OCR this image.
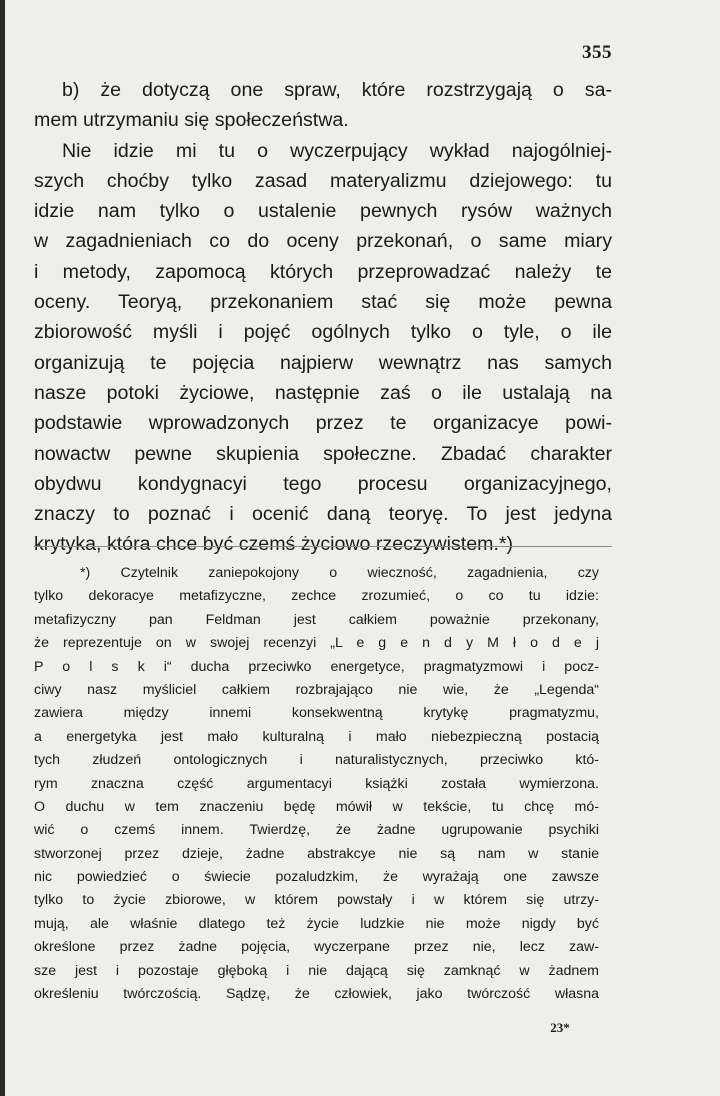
355
b) że dotyczą one spraw, które rozstrzygają o sa-
mem utrzymaniu się społeczeństwa.
Nie idzie mi tu o wyczerpujący wykład najogólniej-
szych choćby tylko zasad materyalizmu dziejowego: tu
idzie nam tylko o ustalenie pewnych rysów ważnych
w zagadnieniach co do oceny przekonań, o same miary
i metody, zapomocą których przeprowadzać należy te
oceny. Teoryą, przekonaniem stać się może pewna
zbiorowość myśli i pojęć ogólnych tylko o tyle, o ile
organizują te pojęcia najpierw wewnątrz nas samych
nasze potoki życiowe, następnie zaś o ile ustalają na
podstawie wprowadzonych przez te organizacye powi-
nowactw pewne skupienia społeczne. Zbadać charakter
obydwu kondygnacyi tego procesu organizacyjnego,
znaczy to poznać i ocenić daną teoryę. To jest jedyna
krytyka, która chce być czemś życiowo rzeczywistem.*)
*) Czytelnik zaniepokojony o wieczność, zagadnienia, czy
tylko dekoracye metafizyczne, zechce zrozumieć, o co tu idzie:
metafizyczny pan Feldman jest całkiem poważnie przekonany,
że reprezentuje on w swojej recenzyi „L e g e n d y M ł o d e j
P o l s k i“ ducha przeciwko energetyce, pragmatyzmowi i pocz-
ciwy nasz myśliciel całkiem rozbrajająco nie wie, że „Legenda“
zawiera między innemi konsekwentną krytykę pragmatyzmu,
a energetyka jest mało kulturalną i mało niebezpieczną postacią
tych złudzeń ontologicznych i naturalistycznych, przeciwko któ-
rym znaczna część argumentacyi książki została wymierzona.
O duchu w tem znaczeniu będę mówił w tekście, tu chcę mó-
wić o czemś innem. Twierdzę, że żadne ugrupowanie psychiki
stworzonej przez dzieje, żadne abstrakcye nie są nam w stanie
nic powiedzieć o świecie pozaludzkim, że wyrażają one zawsze
tylko to życie zbiorowe, w którem powstały i w którem się utrzy-
mują, ale właśnie dlatego też życie ludzkie nie może nigdy być
określone przez żadne pojęcia, wyczerpane przez nie, lecz zaw-
sze jest i pozostaje głęboką i nie dającą się zamknąć w żadnem
określeniu twórczością. Sądzę, że człowiek, jako twórczość własna
23*
